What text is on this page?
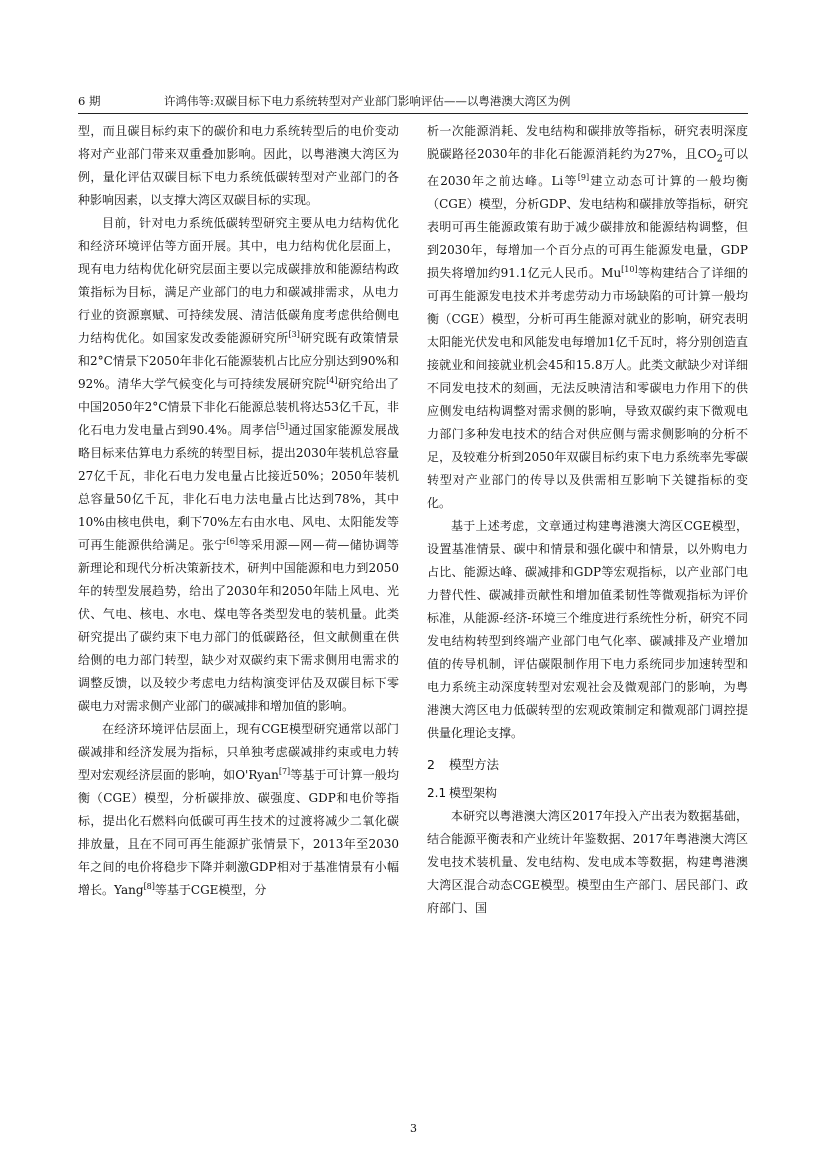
6 期	许鸿伟等:双碳目标下电力系统转型对产业部门影响评估——以粤港澳大湾区为例

型，而且碳目标约束下的碳价和电力系统转型后的电价变动将对产业部门带来双重叠加影响。因此，以粤港澳大湾区为例，量化评估双碳目标下电力系统低碳转型对产业部门的各种影响因素，以支撑大湾区双碳目标的实现。

目前，针对电力系统低碳转型研究主要从电力结构优化和经济环境评估等方面开展。其中，电力结构优化层面上，现有电力结构优化研究层面主要以完成碳排放和能源结构政策指标为目标，满足产业部门的电力和碳减排需求，从电力行业的资源禀赋、可持续发展、清洁低碳角度考虑供给侧电力结构优化。如国家发改委能源研究所[3]研究既有政策情景和2°C情景下2050年非化石能源装机占比应分别达到90%和92%。清华大学气候变化与可持续发展研究院[4]研究给出了中国2050年2°C情景下非化石能源总装机将达53亿千瓦，非化石电力发电量占到90.4%。周孝信[5]通过国家能源发展战略目标来估算电力系统的转型目标，提出2030年装机总容量27亿千瓦，非化石电力发电量占比接近50%；2050年装机总容量50亿千瓦，非化石电力法电量占比达到78%，其中10%由核电供电，剩下70%左右由水电、风电、太阳能发等可再生能源供给满足。张宁[6]等采用源—网—荷—储协调等新理论和现代分析决策新技术，研判中国能源和电力到2050年的转型发展趋势，给出了2030年和2050年陆上风电、光伏、气电、核电、水电、煤电等各类型发电的装机量。此类研究提出了碳约束下电力部门的低碳路径，但文献侧重在供给侧的电力部门转型，缺少对双碳约束下需求侧用电需求的调整反馈，以及较少考虑电力结构演变评估及双碳目标下零碳电力对需求侧产业部门的碳减排和增加值的影响。

在经济环境评估层面上，现有CGE模型研究通常以部门碳减排和经济发展为指标，只单独考虑碳减排约束或电力转型对宏观经济层面的影响，如O'Ryan[7]等基于可计算一般均衡（CGE）模型，分析碳排放、碳强度、GDP和电价等指标，提出化石燃料向低碳可再生技术的过渡将减少二氧化碳排放量，且在不同可再生能源扩张情景下，2013年至2030年之间的电价将稳步下降并刺激GDP相对于基准情景有小幅增长。Yang[8]等基于CGE模型，分

析一次能源消耗、发电结构和碳排放等指标，研究表明深度脱碳路径2030年的非化石能源消耗约为27%，且$CO_2$可以在2030年之前达峰。Li等[9]建立动态可计算的一般均衡（CGE）模型，分析GDP、发电结构和碳排放等指标，研究表明可再生能源政策有助于减少碳排放和能源结构调整，但到2030年，每增加一个百分点的可再生能源发电量，GDP损失将增加约91.1亿元人民币。Mu[10]等构建结合了详细的可再生能源发电技术并考虑劳动力市场缺陷的可计算一般均衡（CGE）模型，分析可再生能源对就业的影响，研究表明太阳能光伏发电和风能发电每增加1亿千瓦时，将分别创造直接就业和间接就业机会45和15.8万人。此类文献缺少对详细不同发电技术的刻画，无法反映清洁和零碳电力作用下的供应侧发电结构调整对需求侧的影响，导致双碳约束下微观电力部门多种发电技术的结合对供应侧与需求侧影响的分析不足，及较难分析到2050年双碳目标约束下电力系统率先零碳转型对产业部门的传导以及供需相互影响下关键指标的变化。

基于上述考虑，文章通过构建粤港澳大湾区CGE模型，设置基准情景、碳中和情景和强化碳中和情景，以外购电力占比、能源达峰、碳减排和GDP等宏观指标，以产业部门电力替代性、碳减排贡献性和增加值柔韧性等微观指标为评价标准，从能源-经济-环境三个维度进行系统性分析，研究不同发电结构转型到终端产业部门电气化率、碳减排及产业增加值的传导机制，评估碳限制作用下电力系统同步加速转型和电力系统主动深度转型对宏观社会及微观部门的影响，为粤港澳大湾区电力低碳转型的宏观政策制定和微观部门调控提供量化理论支撑。

2 模型方法
2.1 模型架构

本研究以粤港澳大湾区2017年投入产出表为数据基础，结合能源平衡表和产业统计年鉴数据、2017年粤港澳大湾区发电技术装机量、发电结构、发电成本等数据，构建粤港澳大湾区混合动态CGE模型。模型由生产部门、居民部门、政府部门、国

3
